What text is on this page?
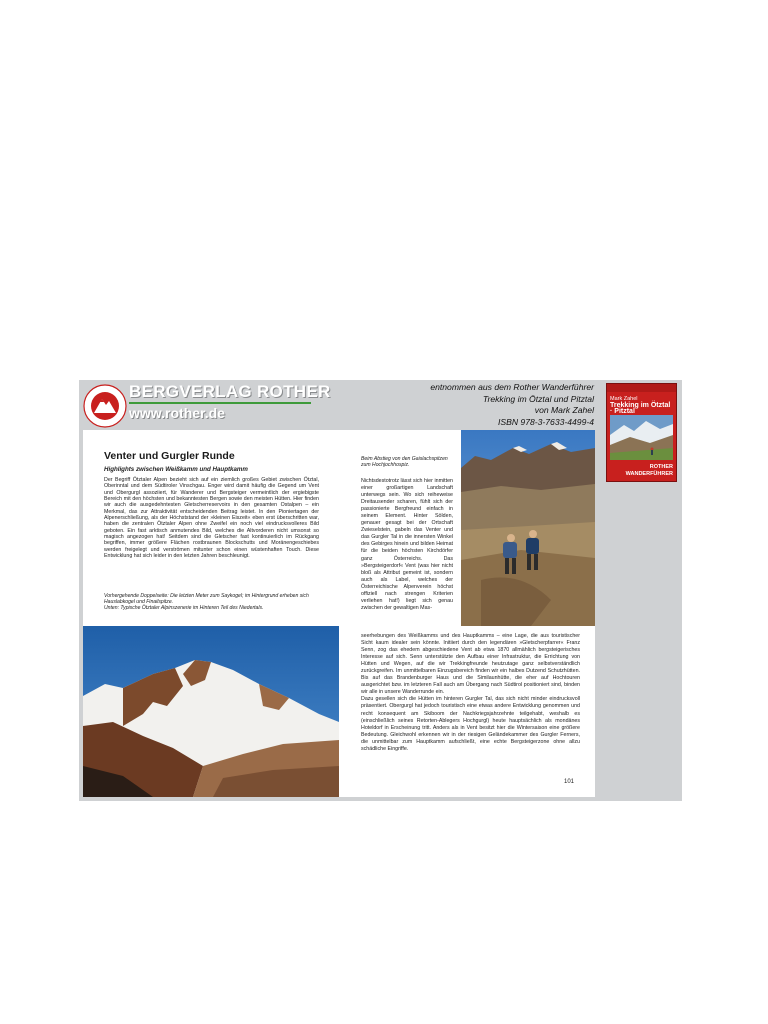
BERGVERLAG ROTHER
www.rother.de
entnommen aus dem Rother Wanderführer
Trekking im Ötztal und Pitztal
von Mark Zahel
ISBN 978-3-7633-4499-4
Mark Zahel
Trekking im Ötztal · Pitztal
ROTHER
WANDERFÜHRER
Venter und Gurgler Runde
Highlights zwischen Weißkamm und Hauptkamm
Der Begriff Ötztaler Alpen bezieht sich auf ein ziemlich großes Gebiet zwischen Ötztal, Oberinntal und dem Südtiroler Vinschgau. Enger wird damit häufig die Gegend um Vent und Obergurgl assoziiert, für Wanderer und Bergsteiger vermeintlich der ergiebigste Bereich mit den höchsten und bekanntesten Bergen sowie den meisten Hütten. Hier finden wir auch die ausgedehntesten Gletscherreservoirs in den gesamten Ostalpen – ein Merkmal, das zur Attraktivität entscheidenden Beitrag leistet. In den Pioniertagen der Alpenerschließung, als der Höchststand der »kleinen Eiszeit« eben erst überschritten war, haben die zentralen Ötztaler Alpen ohne Zweifel ein noch viel eindrucksvolleres Bild geboten. Ein fast arktisch anmutendes Bild, welches die Altvorderen nicht umsonst so magisch angezogen hat! Seitdem sind die Gletscher fast kontinuierlich im Rückgang begriffen, immer größere Flächen rostbraunen Blockschutts und Moränengeschiebes werden freigelegt und verströmen mitunter schon einen wüstenhaften Touch. Diese Entwicklung hat sich leider in den letzten Jahren beschleunigt.
Vorhergehende Doppelseite: Die letzten Meter zum Saykogel; im Hintergrund erheben sich Hauslabkogel und Finailspitze.
Unten: Typische Ötztaler Alpinszenerie im Hinteren Teil des Niedertals.
Beim Abstieg von den Gaislachspitzen zum Hochjochhospiz.
Nichtsdestotrotz lässt sich hier inmitten einer großartigen Landschaft unterwegs sein. Wo sich reiheweise Dreitausender scharen, fühlt sich der passionierte Bergfreund einfach in seinem Element. Hinter Sölden, genauer gesagt bei der Ortschaft Zwieselstein, gabeln das Venter und das Gurgler Tal in die innersten Winkel des Gebirges hinein und bilden Heimat für die beiden höchsten Kirchdörfer ganz Österreichs. Das »Bergsteigerdorf« Vent (was hier nicht bloß als Attribut gemeint ist, sondern auch als Label, welches der Österreichische Alpenverein höchst offiziell nach strengen Kriterien verliehen hat!) liegt sich genau zwischen der gewaltigen Mas-
seerhebungen des Weißkamms und des Hauptkamms – eine Lage, die aus touristischer Sicht kaum idealer sein könnte. Initiiert durch den legendären »Gletscherpfarrer« Franz Senn, zog das ehedem abgeschiedene Vent ab etwa 1870 allmählich bergsteigerisches Interesse auf sich. Senn unterstützte den Aufbau einer Infrastruktur, die Errichtung von Hütten und Wegen, auf die wir Trekkingfreunde heutzutage ganz selbstverständlich zurückgreifen. Im unmittelbaren Einzugsbereich finden wir ein halbes Dutzend Schutzhütten. Bis auf das Brandenburger Haus und die Similaunhütte, die eher auf Hochtouren ausgerichtet bzw. im letzteren Fall auch am Übergang nach Südtirol positioniert sind, binden wir alle in unsere Wanderrunde ein.
Dazu gesellen sich die Hütten im hinteren Gurgler Tal, das sich nicht minder eindrucksvoll präsentiert. Obergurgl hat jedoch touristisch eine etwas andere Entwicklung genommen und recht konsequent am Skiboom der Nachkriegsjahrzehnte teilgehabt, weshalb es (einschließlich seines Retorten-Ablegers Hochgurgl) heute hauptsächlich als mondänes Hoteldorf in Erscheinung tritt. Anders als in Vent besitzt hier die Wintersaison eine größere Bedeutung. Gleichwohl erkennen wir in der riesigen Geländekammer des Gurgler Ferners, die unmittelbar zum Hauptkamm aufschließt, eine echte Bergsteigerzone ohne allzu schädliche Eingriffe.
101
